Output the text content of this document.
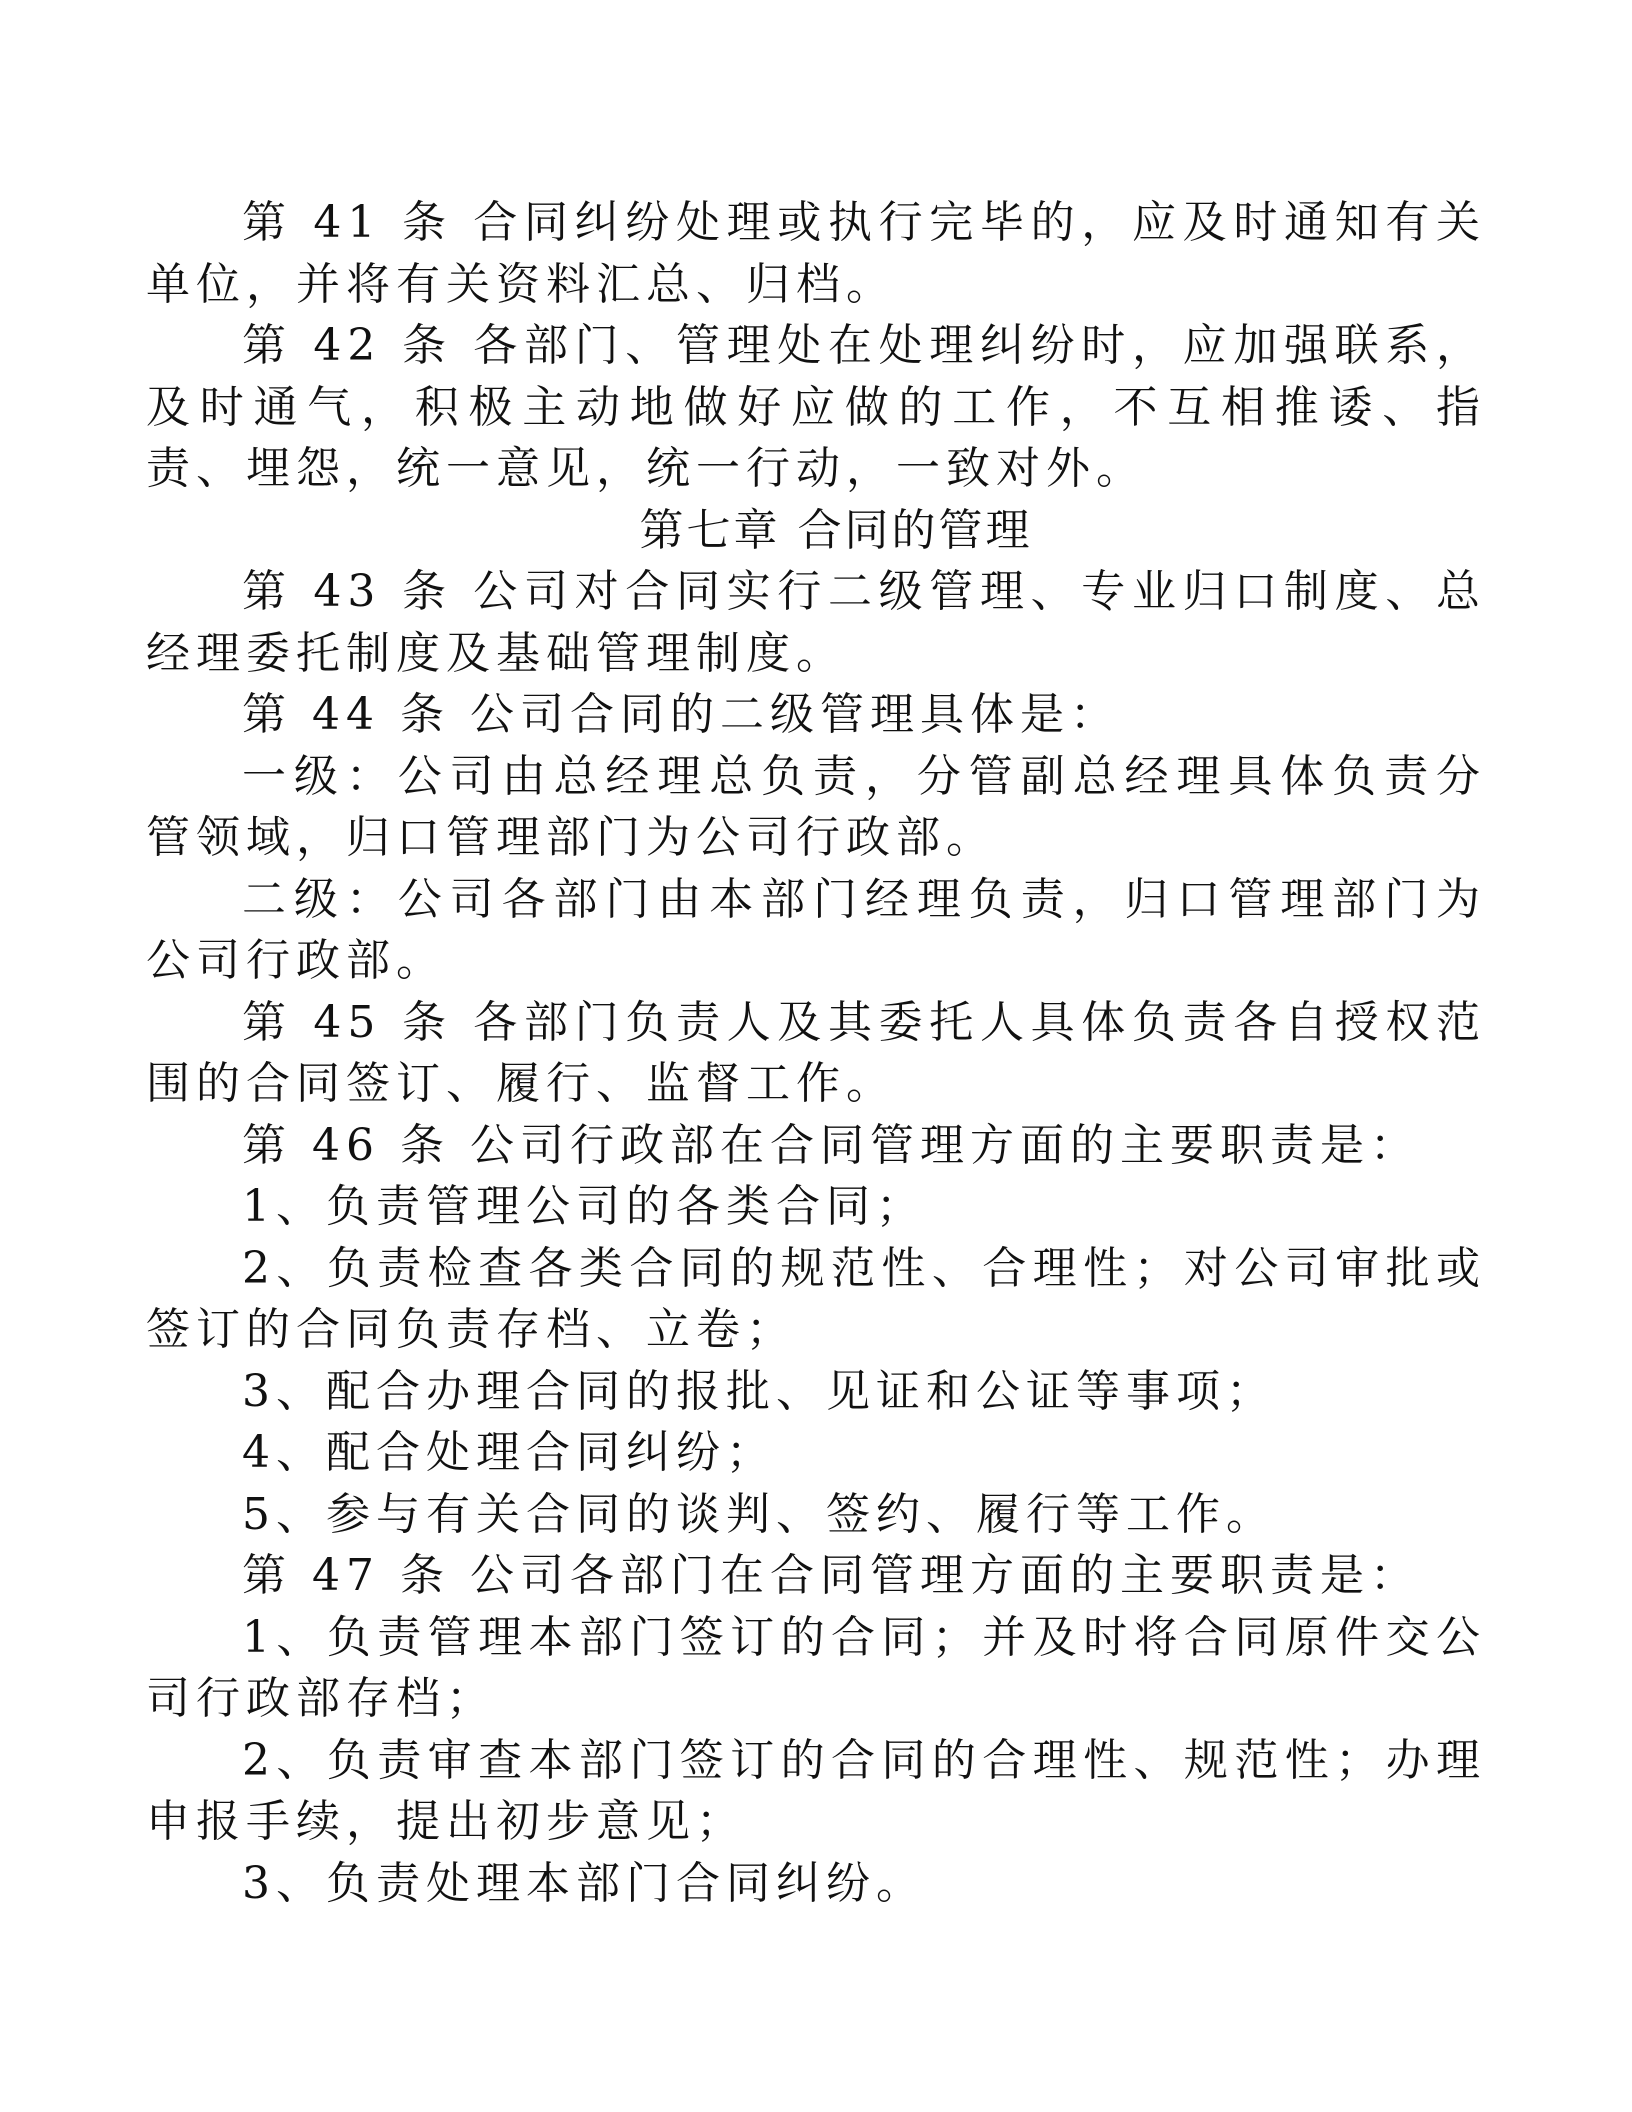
第 41 条 合同纠纷处理或执行完毕的，应及时通知有关单位，并将有关资料汇总、归档。

第 42 条 各部门、管理处在处理纠纷时，应加强联系，及时通气，积极主动地做好应做的工作，不互相推诿、指责、埋怨，统一意见，统一行动，一致对外。

第七章 合同的管理

第 43 条 公司对合同实行二级管理、专业归口制度、总经理委托制度及基础管理制度。

第 44 条 公司合同的二级管理具体是：

一级：公司由总经理总负责，分管副总经理具体负责分管领域，归口管理部门为公司行政部。

二级：公司各部门由本部门经理负责，归口管理部门为公司行政部。

第 45 条 各部门负责人及其委托人具体负责各自授权范围的合同签订、履行、监督工作。

第 46 条 公司行政部在合同管理方面的主要职责是：

1、负责管理公司的各类合同；

2、负责检查各类合同的规范性、合理性；对公司审批或签订的合同负责存档、立卷；

3、配合办理合同的报批、见证和公证等事项；

4、配合处理合同纠纷；

5、参与有关合同的谈判、签约、履行等工作。

第 47 条 公司各部门在合同管理方面的主要职责是：

1、负责管理本部门签订的合同；并及时将合同原件交公司行政部存档；

2、负责审查本部门签订的合同的合理性、规范性；办理申报手续，提出初步意见；

3、负责处理本部门合同纠纷。
